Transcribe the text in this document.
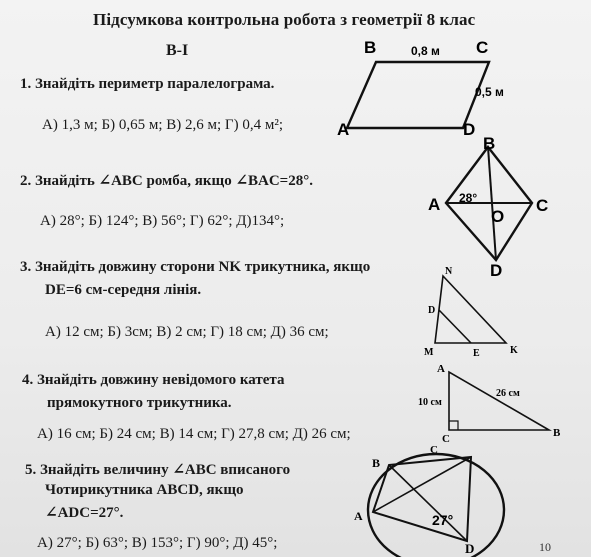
Підсумкова контрольна робота з геометрії 8 клас
В-І
1. Знайдіть периметр паралелограма.
А) 1,3 м; Б) 0,65 м; В) 2,6 м; Г) 0,4 м²;
2. Знайдіть ∠ABC ромба, якщо ∠BAC=28°.
А) 28°; Б) 124°; В) 56°; Г) 62°; Д)134°;
3. Знайдіть довжину сторони NK трикутника, якщо
DE=6 см-середня лінія.
А) 12 см; Б) 3см; В) 2 см; Г) 18 см; Д) 36 см;
4. Знайдіть довжину невідомого катета
прямокутного трикутника.
А) 16 см; Б) 24 см; В) 14 см; Г) 27,8 см; Д) 26 см;
5. Знайдіть величину ∠ABC вписаного
Чотирикутника ABCD, якщо
∠ADC=27°.
А) 27°; Б) 63°; В) 153°; Г) 90°; Д) 45°;
B	C
A	D
0,8 м
0,5 м
B
C
A
D
O
28°
N
D
M	E	K
A
B
C
C
10 см
26 см
B
A
D
27°
10
